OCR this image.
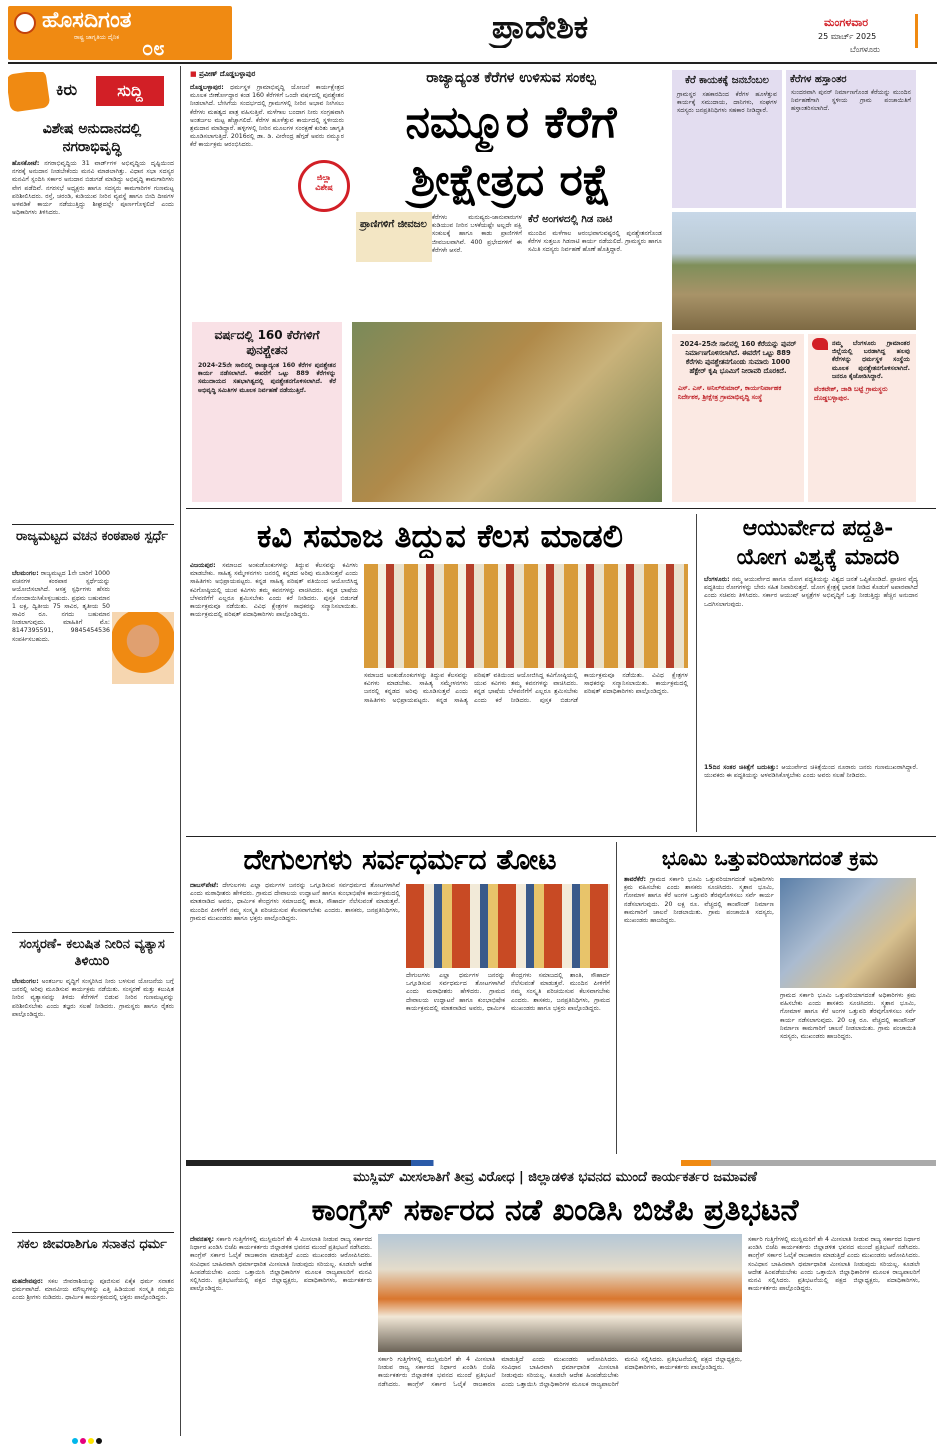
ಹೊಸದಿಗಂತ
ರಾಷ್ಟ್ರ ಜಾಗೃತಿಯ ದೈನಿಕ	೦೮
ಪ್ರಾದೇಶಿಕ	ಮಂಗಳವಾರ
25 ಮಾರ್ಚ್ 2025
ಬೆಂಗಳೂರು
ಕಿರು	ಸುದ್ದಿ
ವಿಶೇಷ ಅನುದಾನದಲ್ಲಿ ನಗರಾಭಿವೃದ್ಧಿ
ಹೊಸಕೋಟೆ: ನಗರಾಭಿವೃದ್ಧಿಯ 31 ವಾರ್ಡ್‌ಗಳ ಅಭಿವೃದ್ಧಿಯ ದೃಷ್ಟಿಯಿಂದ ನಗರಕ್ಕೆ ಅನುದಾನ ನೀಡಬೇಕೆಂದು ಮನವಿ ಮಾಡಲಾಗಿತ್ತು. ವಿಧಾನ ಸಭಾ ಸದಸ್ಯರ ಮನವಿಗೆ ಸ್ಪಂದಿಸಿ ಸರ್ಕಾರ ಅನುದಾನ ಬಿಡುಗಡೆ ಮಾಡಿದ್ದು ಅಭಿವೃದ್ಧಿ ಕಾಮಗಾರಿಗಳು ವೇಗ ಪಡೆದಿವೆ. ನಗರಸಭೆ ಅಧ್ಯಕ್ಷರು ಹಾಗೂ ಸದಸ್ಯರು ಕಾಮಗಾರಿಗಳ ಗುಣಮಟ್ಟ ಪರಿಶೀಲಿಸಿದರು. ರಸ್ತೆ, ಚರಂಡಿ, ಕುಡಿಯುವ ನೀರಿನ ವ್ಯವಸ್ಥೆ ಹಾಗೂ ಬೀದಿ ದೀಪಗಳ ಅಳವಡಿಕೆ ಕಾರ್ಯ ನಡೆಯುತ್ತಿದ್ದು ಶೀಘ್ರದಲ್ಲೇ ಪೂರ್ಣಗೊಳ್ಳಲಿದೆ ಎಂದು ಅಧಿಕಾರಿಗಳು ತಿಳಿಸಿದರು.
ರಾಜ್ಯಮಟ್ಟದ ವಚನ ಕಂಠಪಾಠ ಸ್ಪರ್ಧೆ
ಬೆಲಮಂಗಲ: ರಾಜ್ಯಮಟ್ಟದ 1ನೇ ಬಾರಿಗೆ 1000 ವಚನಗಳ ಕಂಠಪಾಠ ಸ್ಪರ್ಧೆಯನ್ನು ಆಯೋಜಿಸಲಾಗಿದೆ. ಆಸಕ್ತ ಸ್ಪರ್ಧಿಗಳು ಹೆಸರು ನೋಂದಾಯಿಸಿಕೊಳ್ಳಬಹುದು. ಪ್ರಥಮ ಬಹುಮಾನ 1 ಲಕ್ಷ, ದ್ವಿತೀಯ 75 ಸಾವಿರ, ತೃತೀಯ 50 ಸಾವಿರ ರೂ. ನಗದು ಬಹುಮಾನ ನೀಡಲಾಗುವುದು. ಮಾಹಿತಿಗೆ ಮೊ: 8147395591, 9845454536 ಸಂಪರ್ಕಿಸಬಹುದು.
ಸಂಸ್ಕರಣೆ- ಕಲುಷಿತ ನೀರಿನ ವ್ಯತ್ಯಾಸ ತಿಳಿಯಿರಿ
ಬೆಲಮಂಗಲ: ಅಂತರ್ಜಲ ವೃದ್ಧಿಗೆ ಸಂಸ್ಕರಿಸಿದ ನೀರು ಬಳಸುವ ಯೋಜನೆಯ ಬಗ್ಗೆ ಜನರಲ್ಲಿ ಅರಿವು ಮೂಡಿಸುವ ಕಾರ್ಯಕ್ರಮ ನಡೆಯಿತು. ಸಂಸ್ಕರಣೆ ಮತ್ತು ಕಲುಷಿತ ನೀರಿನ ವ್ಯತ್ಯಾಸವನ್ನು ತಿಳಿದು ಕೆರೆಗಳಿಗೆ ಬಿಡುವ ನೀರಿನ ಗುಣಮಟ್ಟವನ್ನು ಪರಿಶೀಲಿಸಬೇಕು ಎಂದು ತಜ್ಞರು ಸಲಹೆ ನೀಡಿದರು. ಗ್ರಾಮಸ್ಥರು ಹಾಗೂ ರೈತರು ಪಾಲ್ಗೊಂಡಿದ್ದರು.
ಸಕಲ ಜೀವರಾಶಿಗೂ ಸನಾತನ ಧರ್ಮ
ಮಹದೇವಪುರ: ಸಕಲ ಜೀವರಾಶಿಯನ್ನು ಪೂಜಿಸುವ ಏಕೈಕ ಧರ್ಮ ಸನಾತನ ಧರ್ಮವಾಗಿದೆ. ಮಾನವೀಯ ಮೌಲ್ಯಗಳನ್ನು ಎತ್ತಿ ಹಿಡಿಯುವ ಸಂಸ್ಕೃತಿ ನಮ್ಮದು ಎಂದು ಶ್ರೀಗಳು ನುಡಿದರು. ಧಾರ್ಮಿಕ ಕಾರ್ಯಕ್ರಮದಲ್ಲಿ ಭಕ್ತರು ಪಾಲ್ಗೊಂಡಿದ್ದರು.
■ ಪ್ರವೀಣ್ ದೊಡ್ಡಬಳ್ಳಾಪುರ
ದೊಡ್ಡಬಳ್ಳಾಪುರ: ಧರ್ಮಸ್ಥಳ ಗ್ರಾಮಾಭಿವೃದ್ಧಿ ಯೋಜನೆ ಕಾರ್ಯಕ್ಷೇತ್ರದ ಮೂಲಕ ಜೀರ್ಣೋದ್ಧಾರ ಕಂಡ 160 ಕೆರೆಗಳಿಗೆ ಒಂದೇ ವರ್ಷದಲ್ಲಿ ಪುನಶ್ಚೇತನ ನೀಡಲಾಗಿದೆ. ಬೇಸಿಗೆಯ ಸಂದರ್ಭದಲ್ಲಿ ಗ್ರಾಮಗಳಲ್ಲಿ ನೀರಿನ ಅಭಾವ ನೀಗಿಸಲು ಕೆರೆಗಳು ಮಹತ್ವದ ಪಾತ್ರ ವಹಿಸುತ್ತಿವೆ. ಮಳೆಗಾಲ ಬಂದಾಗ ನೀರು ಸಂಗ್ರಹವಾಗಿ ಅಂತರ್ಜಲ ಮಟ್ಟ ಹೆಚ್ಚಾಗಲಿದೆ. ಕೆರೆಗಳ ಹೂಳೆತ್ತುವ ಕಾರ್ಯದಲ್ಲಿ ಸ್ಥಳೀಯರು ಶ್ರಮದಾನ ಮಾಡಿದ್ದಾರೆ. ಹಳ್ಳಿಗಳಲ್ಲಿ ನೀರಿನ ಮೂಲಗಳ ಸಂರಕ್ಷಣೆ ಕುರಿತು ಜಾಗೃತಿ ಮೂಡಿಸಲಾಗುತ್ತಿದೆ. 2016ರಲ್ಲಿ ಡಾ. ಡಿ. ವೀರೇಂದ್ರ ಹೆಗ್ಗಡೆ ಅವರು ನಮ್ಮೂರ ಕೆರೆ ಕಾರ್ಯಕ್ರಮ ಆರಂಭಿಸಿದರು.
ಜಿಲ್ಲಾ
ವಿಶೇಷ
ರಾಜ್ಯಾದ್ಯಂತ ಕೆರೆಗಳ ಉಳಿಸುವ ಸಂಕಲ್ಪ
ನಮ್ಮೂರ ಕೆರೆಗೆ
ಶ್ರೀಕ್ಷೇತ್ರದ ರಕ್ಷೆ
ಪ್ರಾಣಿಗಳಿಗೆ ಜೀವಜಲ
ಕೆರೆಗಳು ಮನುಷ್ಯರು-ಜಾನುವಾರುಗಳ ಕುಡಿಯುವ ನೀರಿನ ಬಳಕೆಯಷ್ಟೇ ಅಲ್ಲದೇ ಪಕ್ಷಿ ಸಂಕುಲಕ್ಕೆ ಹಾಗೂ ಕಾಡು ಪ್ರಾಣಿಗಳಿಗೆ ಜೀವಜಲವಾಗಿವೆ. 400 ಪ್ರಭೇದಗಳಿಗೆ ಈ ಕೆರೆಗಳೇ ಆಸರೆ.
ಕೆರೆ ಅಂಗಳದಲ್ಲಿ ಗಿಡ ನಾಟಿ
ಮುಂದಿನ ಮಳೆಗಾಲ ಆರಂಭವಾಗುವಷ್ಟರಲ್ಲಿ ಪುನಶ್ಚೇತನಗೊಂಡ ಕೆರೆಗಳ ಸುತ್ತಲೂ ಗಿಡನಾಟಿ ಕಾರ್ಯ ನಡೆಯಲಿದೆ. ಗ್ರಾಮಸ್ಥರು ಹಾಗೂ ಸಮಿತಿ ಸದಸ್ಯರು ನಿರ್ವಹಣೆ ಹೊಣೆ ಹೊತ್ತಿದ್ದಾರೆ.
ವರ್ಷದಲ್ಲಿ 160 ಕೆರೆಗಳಿಗೆ ಪುನಶ್ಚೇತನ
2024-25ನೇ ಸಾಲಿನಲ್ಲಿ ರಾಜ್ಯಾದ್ಯಂತ 160 ಕೆರೆಗಳ ಪುನಶ್ಚೇತನ ಕಾರ್ಯ ನಡೆಸಲಾಗಿದೆ. ಈವರೆಗೆ ಒಟ್ಟು 889 ಕೆರೆಗಳನ್ನು ಸಮುದಾಯದ ಸಹಭಾಗಿತ್ವದಲ್ಲಿ ಪುನಶ್ಚೇತನಗೊಳಿಸಲಾಗಿದೆ. ಕೆರೆ ಅಭಿವೃದ್ಧಿ ಸಮಿತಿಗಳ ಮೂಲಕ ನಿರ್ವಹಣೆ ನಡೆಯುತ್ತಿದೆ.
ಕೆರೆ ಕಾಯಕಕ್ಕೆ ಜನಬೆಂಬಲ
ಗ್ರಾಮಸ್ಥರ ಸಹಕಾರದಿಂದ ಕೆರೆಗಳ ಹೂಳೆತ್ತುವ ಕಾರ್ಯಕ್ಕೆ ಸಮುದಾಯ, ದಾನಿಗಳು, ಸಂಘಗಳ ಸದಸ್ಯರು ಜನಪ್ರತಿನಿಧಿಗಳು ಸಹಕಾರ ನೀಡಿದ್ದಾರೆ.
ಕೆರೆಗಳ ಹಸ್ತಾಂತರ
ಸುಂದರವಾಗಿ ಪುನರ್ ನಿರ್ಮಾಣಗೊಂಡ ಕೆರೆಯನ್ನು ಮುಂದಿನ ನಿರ್ವಹಣೆಗಾಗಿ ಸ್ಥಳೀಯ ಗ್ರಾಮ ಪಂಚಾಯಿತಿಗೆ ಹಸ್ತಾಂತರಿಸಲಾಗಿದೆ.
2024-25ನೇ ಸಾಲಿನಲ್ಲಿ 160 ಕೆರೆಯನ್ನು ಪುನರ್ ನಿರ್ಮಾಣಗೊಳಿಸಲಾಗಿದೆ. ಈವರೆಗೆ ಒಟ್ಟು 889 ಕೆರೆಗಳು ಪುನಶ್ಚೇತನಗೊಂಡು ಸುಮಾರು 1000 ಹೆಕ್ಟೇರ್ ಕೃಷಿ ಭೂಮಿಗೆ ನೀರಾವರಿ ದೊರಕಿದೆ.
ಎಸ್. ಎಸ್. ಅನಿಲ್‌ಕುಮಾರ್, ಕಾರ್ಯನಿರ್ವಾಹಕ ನಿರ್ದೇಶಕ, ಶ್ರೀಕ್ಷೇತ್ರ ಗ್ರಾಮಾಭಿವೃದ್ಧಿ ಸಂಸ್ಥೆ
ನಮ್ಮ ಬೆಂಗಳೂರು ಗ್ರಾಮಾಂತರ ಜಿಲ್ಲೆಯಲ್ಲಿ ಬರಡಾಗಿದ್ದ ಹಲವು ಕೆರೆಗಳನ್ನು ಧರ್ಮಸ್ಥಳ ಸಂಸ್ಥೆಯ ಮೂಲಕ ಪುನಶ್ಚೇತನಗೊಳಿಸಲಾಗಿದೆ. ಜನರೂ ಕೈಜೋಡಿಸಿದ್ದಾರೆ.
ವೆಂಕಟೇಶ್, ಜಾಡಿ ಬಟ್ಟೆ ಗ್ರಾಮಸ್ಥರು ದೊಡ್ಡಬಳ್ಳಾಪುರ.
ಕವಿ ಸಮಾಜ ತಿದ್ದುವ ಕೆಲಸ ಮಾಡಲಿ
ವಿಜಯಪುರ: ಸಮಾಜದ ಅಂಕುಡೊಂಕುಗಳನ್ನು ತಿದ್ದುವ ಕೆಲಸವನ್ನು ಕವಿಗಳು ಮಾಡಬೇಕು. ಸಾಹಿತ್ಯ ಸಮ್ಮೇಳನಗಳು ಜನರಲ್ಲಿ ಕನ್ನಡದ ಅರಿವು ಮೂಡಿಸುತ್ತವೆ ಎಂದು ಸಾಹಿತಿಗಳು ಅಭಿಪ್ರಾಯಪಟ್ಟರು. ಕನ್ನಡ ಸಾಹಿತ್ಯ ಪರಿಷತ್ ವತಿಯಿಂದ ಆಯೋಜಿಸಿದ್ದ ಕವಿಗೋಷ್ಠಿಯಲ್ಲಿ ಯುವ ಕವಿಗಳು ತಮ್ಮ ಕವನಗಳನ್ನು ವಾಚಿಸಿದರು. ಕನ್ನಡ ಭಾಷೆಯ ಬೆಳವಣಿಗೆಗೆ ಎಲ್ಲರೂ ಶ್ರಮಿಸಬೇಕು ಎಂದು ಕರೆ ನೀಡಿದರು. ಪುಸ್ತಕ ಬಿಡುಗಡೆ ಕಾರ್ಯಕ್ರಮವೂ ನಡೆಯಿತು. ವಿವಿಧ ಕ್ಷೇತ್ರಗಳ ಸಾಧಕರನ್ನು ಸನ್ಮಾನಿಸಲಾಯಿತು. ಕಾರ್ಯಕ್ರಮದಲ್ಲಿ ಪರಿಷತ್ ಪದಾಧಿಕಾರಿಗಳು ಪಾಲ್ಗೊಂಡಿದ್ದರು.
ಸಮಾಜದ ಅಂಕುಡೊಂಕುಗಳನ್ನು ತಿದ್ದುವ ಕೆಲಸವನ್ನು ಕವಿಗಳು ಮಾಡಬೇಕು. ಸಾಹಿತ್ಯ ಸಮ್ಮೇಳನಗಳು ಜನರಲ್ಲಿ ಕನ್ನಡದ ಅರಿವು ಮೂಡಿಸುತ್ತವೆ ಎಂದು ಸಾಹಿತಿಗಳು ಅಭಿಪ್ರಾಯಪಟ್ಟರು. ಕನ್ನಡ ಸಾಹಿತ್ಯ ಪರಿಷತ್ ವತಿಯಿಂದ ಆಯೋಜಿಸಿದ್ದ ಕವಿಗೋಷ್ಠಿಯಲ್ಲಿ ಯುವ ಕವಿಗಳು ತಮ್ಮ ಕವನಗಳನ್ನು ವಾಚಿಸಿದರು. ಕನ್ನಡ ಭಾಷೆಯ ಬೆಳವಣಿಗೆಗೆ ಎಲ್ಲರೂ ಶ್ರಮಿಸಬೇಕು ಎಂದು ಕರೆ ನೀಡಿದರು. ಪುಸ್ತಕ ಬಿಡುಗಡೆ ಕಾರ್ಯಕ್ರಮವೂ ನಡೆಯಿತು. ವಿವಿಧ ಕ್ಷೇತ್ರಗಳ ಸಾಧಕರನ್ನು ಸನ್ಮಾನಿಸಲಾಯಿತು. ಕಾರ್ಯಕ್ರಮದಲ್ಲಿ ಪರಿಷತ್ ಪದಾಧಿಕಾರಿಗಳು ಪಾಲ್ಗೊಂಡಿದ್ದರು.
ಆಯುರ್ವೇದ ಪದ್ಧತಿ-
ಯೋಗ ವಿಶ್ವಕ್ಕೆ ಮಾದರಿ
ಬೆಂಗಳೂರು: ನಮ್ಮ ಆಯುರ್ವೇದ ಹಾಗೂ ಯೋಗ ಪದ್ಧತಿಯನ್ನು ವಿಶ್ವದ ಜನತೆ ಒಪ್ಪಿಕೊಂಡಿದೆ. ಪ್ರಾಚೀನ ವೈದ್ಯ ಪದ್ಧತಿಯು ರೋಗಗಳನ್ನು ಬೇರು ಸಹಿತ ನಿವಾರಿಸುತ್ತದೆ. ಯೋಗ ಕ್ಷೇತ್ರಕ್ಕೆ ಭಾರತ ನೀಡಿದ ಕೊಡುಗೆ ಅಪಾರವಾಗಿದೆ ಎಂದು ಸಚಿವರು ತಿಳಿಸಿದರು. ಸರ್ಕಾರ ಆಯುಷ್ ಆಸ್ಪತ್ರೆಗಳ ಅಭಿವೃದ್ಧಿಗೆ ಒತ್ತು ನೀಡುತ್ತಿದ್ದು ಹೆಚ್ಚಿನ ಅನುದಾನ ಒದಗಿಸಲಾಗುವುದು.
15ದಿನ ಸಂತರ ಚಿಕಿತ್ಸೆಗೆ ಬದುಕಿತ್ತು: ಆಯುರ್ವೇದ ಚಿಕಿತ್ಸೆಯಿಂದ ನೂರಾರು ಜನರು ಗುಣಮುಖರಾಗಿದ್ದಾರೆ. ಯುವಕರು ಈ ಪದ್ಧತಿಯನ್ನು ಅಳವಡಿಸಿಕೊಳ್ಳಬೇಕು ಎಂದು ಅವರು ಸಲಹೆ ನೀಡಿದರು.
ದೇಗುಲಗಳು ಸರ್ವಧರ್ಮದ ತೋಟ
ದಾಬಸ್‌ಪೇಟೆ: ದೇಗುಲಗಳು ಎಲ್ಲಾ ಧರ್ಮಗಳ ಜನರನ್ನು ಒಗ್ಗೂಡಿಸುವ ಸರ್ವಧರ್ಮದ ತೋಟಗಳಾಗಿವೆ ಎಂದು ಮಠಾಧೀಶರು ಹೇಳಿದರು. ಗ್ರಾಮದ ದೇವಾಲಯ ಉದ್ಘಾಟನೆ ಹಾಗೂ ಕುಂಭಾಭಿಷೇಕ ಕಾರ್ಯಕ್ರಮದಲ್ಲಿ ಮಾತನಾಡಿದ ಅವರು, ಧಾರ್ಮಿಕ ಕೇಂದ್ರಗಳು ಸಮಾಜದಲ್ಲಿ ಶಾಂತಿ, ಸೌಹಾರ್ದ ನೆಲೆಸುವಂತೆ ಮಾಡುತ್ತವೆ. ಮುಂದಿನ ಪೀಳಿಗೆಗೆ ನಮ್ಮ ಸಂಸ್ಕೃತಿ ಪರಿಚಯಿಸುವ ಕೆಲಸವಾಗಬೇಕು ಎಂದರು. ಶಾಸಕರು, ಜನಪ್ರತಿನಿಧಿಗಳು, ಗ್ರಾಮದ ಮುಖಂಡರು ಹಾಗೂ ಭಕ್ತರು ಪಾಲ್ಗೊಂಡಿದ್ದರು.
ದೇಗುಲಗಳು ಎಲ್ಲಾ ಧರ್ಮಗಳ ಜನರನ್ನು ಒಗ್ಗೂಡಿಸುವ ಸರ್ವಧರ್ಮದ ತೋಟಗಳಾಗಿವೆ ಎಂದು ಮಠಾಧೀಶರು ಹೇಳಿದರು. ಗ್ರಾಮದ ದೇವಾಲಯ ಉದ್ಘಾಟನೆ ಹಾಗೂ ಕುಂಭಾಭಿಷೇಕ ಕಾರ್ಯಕ್ರಮದಲ್ಲಿ ಮಾತನಾಡಿದ ಅವರು, ಧಾರ್ಮಿಕ ಕೇಂದ್ರಗಳು ಸಮಾಜದಲ್ಲಿ ಶಾಂತಿ, ಸೌಹಾರ್ದ ನೆಲೆಸುವಂತೆ ಮಾಡುತ್ತವೆ. ಮುಂದಿನ ಪೀಳಿಗೆಗೆ ನಮ್ಮ ಸಂಸ್ಕೃತಿ ಪರಿಚಯಿಸುವ ಕೆಲಸವಾಗಬೇಕು ಎಂದರು. ಶಾಸಕರು, ಜನಪ್ರತಿನಿಧಿಗಳು, ಗ್ರಾಮದ ಮುಖಂಡರು ಹಾಗೂ ಭಕ್ತರು ಪಾಲ್ಗೊಂಡಿದ್ದರು.
ಭೂಮಿ ಒತ್ತುವರಿಯಾಗದಂತೆ ಕ್ರಮ
ತಾವರೆಕೆರೆ: ಗ್ರಾಮದ ಸರ್ಕಾರಿ ಭೂಮಿ ಒತ್ತುವರಿಯಾಗದಂತೆ ಅಧಿಕಾರಿಗಳು ಕ್ರಮ ವಹಿಸಬೇಕು ಎಂದು ಶಾಸಕರು ಸೂಚಿಸಿದರು. ಸ್ಮಶಾನ ಭೂಮಿ, ಗೋಮಾಳ ಹಾಗೂ ಕೆರೆ ಅಂಗಳ ಒತ್ತುವರಿ ತೆರವುಗೊಳಿಸಲು ಸರ್ವೆ ಕಾರ್ಯ ನಡೆಸಲಾಗುವುದು. 20 ಲಕ್ಷ ರೂ. ವೆಚ್ಚದಲ್ಲಿ ಕಾಂಪೌಂಡ್ ನಿರ್ಮಾಣ ಕಾಮಗಾರಿಗೆ ಚಾಲನೆ ನೀಡಲಾಯಿತು. ಗ್ರಾಮ ಪಂಚಾಯಿತಿ ಸದಸ್ಯರು, ಮುಖಂಡರು ಹಾಜರಿದ್ದರು.
ಗ್ರಾಮದ ಸರ್ಕಾರಿ ಭೂಮಿ ಒತ್ತುವರಿಯಾಗದಂತೆ ಅಧಿಕಾರಿಗಳು ಕ್ರಮ ವಹಿಸಬೇಕು ಎಂದು ಶಾಸಕರು ಸೂಚಿಸಿದರು. ಸ್ಮಶಾನ ಭೂಮಿ, ಗೋಮಾಳ ಹಾಗೂ ಕೆರೆ ಅಂಗಳ ಒತ್ತುವರಿ ತೆರವುಗೊಳಿಸಲು ಸರ್ವೆ ಕಾರ್ಯ ನಡೆಸಲಾಗುವುದು. 20 ಲಕ್ಷ ರೂ. ವೆಚ್ಚದಲ್ಲಿ ಕಾಂಪೌಂಡ್ ನಿರ್ಮಾಣ ಕಾಮಗಾರಿಗೆ ಚಾಲನೆ ನೀಡಲಾಯಿತು. ಗ್ರಾಮ ಪಂಚಾಯಿತಿ ಸದಸ್ಯರು, ಮುಖಂಡರು ಹಾಜರಿದ್ದರು.
ಮುಸ್ಲಿಮ್ ಮೀಸಲಾತಿಗೆ ತೀವ್ರ ವಿರೋಧ | ಜಿಲ್ಲಾಡಳಿತ ಭವನದ ಮುಂದೆ ಕಾರ್ಯಕರ್ತರ ಜಮಾವಣೆ
ಕಾಂಗ್ರೆಸ್ ಸರ್ಕಾರದ ನಡೆ ಖಂಡಿಸಿ ಬಿಜೆಪಿ ಪ್ರತಿಭಟನೆ
ದೇವನಹಳ್ಳಿ: ಸರ್ಕಾರಿ ಗುತ್ತಿಗೆಗಳಲ್ಲಿ ಮುಸ್ಲಿಮರಿಗೆ ಶೇ 4 ಮೀಸಲಾತಿ ನೀಡುವ ರಾಜ್ಯ ಸರ್ಕಾರದ ನಿರ್ಧಾರ ಖಂಡಿಸಿ ಬಿಜೆಪಿ ಕಾರ್ಯಕರ್ತರು ಜಿಲ್ಲಾಡಳಿತ ಭವನದ ಮುಂದೆ ಪ್ರತಿಭಟನೆ ನಡೆಸಿದರು. ಕಾಂಗ್ರೆಸ್ ಸರ್ಕಾರ ಓಲೈಕೆ ರಾಜಕಾರಣ ಮಾಡುತ್ತಿದೆ ಎಂದು ಮುಖಂಡರು ಆರೋಪಿಸಿದರು. ಸಂವಿಧಾನ ಬಾಹಿರವಾಗಿ ಧರ್ಮಾಧಾರಿತ ಮೀಸಲಾತಿ ನೀಡುವುದು ಸರಿಯಲ್ಲ. ಕೂಡಲೇ ಆದೇಶ ಹಿಂಪಡೆಯಬೇಕು ಎಂದು ಒತ್ತಾಯಿಸಿ ಜಿಲ್ಲಾಧಿಕಾರಿಗಳ ಮೂಲಕ ರಾಜ್ಯಪಾಲರಿಗೆ ಮನವಿ ಸಲ್ಲಿಸಿದರು. ಪ್ರತಿಭಟನೆಯಲ್ಲಿ ಪಕ್ಷದ ಜಿಲ್ಲಾಧ್ಯಕ್ಷರು, ಪದಾಧಿಕಾರಿಗಳು, ಕಾರ್ಯಕರ್ತರು ಪಾಲ್ಗೊಂಡಿದ್ದರು.
ಸರ್ಕಾರಿ ಗುತ್ತಿಗೆಗಳಲ್ಲಿ ಮುಸ್ಲಿಮರಿಗೆ ಶೇ 4 ಮೀಸಲಾತಿ ನೀಡುವ ರಾಜ್ಯ ಸರ್ಕಾರದ ನಿರ್ಧಾರ ಖಂಡಿಸಿ ಬಿಜೆಪಿ ಕಾರ್ಯಕರ್ತರು ಜಿಲ್ಲಾಡಳಿತ ಭವನದ ಮುಂದೆ ಪ್ರತಿಭಟನೆ ನಡೆಸಿದರು. ಕಾಂಗ್ರೆಸ್ ಸರ್ಕಾರ ಓಲೈಕೆ ರಾಜಕಾರಣ ಮಾಡುತ್ತಿದೆ ಎಂದು ಮುಖಂಡರು ಆರೋಪಿಸಿದರು. ಸಂವಿಧಾನ ಬಾಹಿರವಾಗಿ ಧರ್ಮಾಧಾರಿತ ಮೀಸಲಾತಿ ನೀಡುವುದು ಸರಿಯಲ್ಲ. ಕೂಡಲೇ ಆದೇಶ ಹಿಂಪಡೆಯಬೇಕು ಎಂದು ಒತ್ತಾಯಿಸಿ ಜಿಲ್ಲಾಧಿಕಾರಿಗಳ ಮೂಲಕ ರಾಜ್ಯಪಾಲರಿಗೆ ಮನವಿ ಸಲ್ಲಿಸಿದರು. ಪ್ರತಿಭಟನೆಯಲ್ಲಿ ಪಕ್ಷದ ಜಿಲ್ಲಾಧ್ಯಕ್ಷರು, ಪದಾಧಿಕಾರಿಗಳು, ಕಾರ್ಯಕರ್ತರು ಪಾಲ್ಗೊಂಡಿದ್ದರು.
ಸರ್ಕಾರಿ ಗುತ್ತಿಗೆಗಳಲ್ಲಿ ಮುಸ್ಲಿಮರಿಗೆ ಶೇ 4 ಮೀಸಲಾತಿ ನೀಡುವ ರಾಜ್ಯ ಸರ್ಕಾರದ ನಿರ್ಧಾರ ಖಂಡಿಸಿ ಬಿಜೆಪಿ ಕಾರ್ಯಕರ್ತರು ಜಿಲ್ಲಾಡಳಿತ ಭವನದ ಮುಂದೆ ಪ್ರತಿಭಟನೆ ನಡೆಸಿದರು. ಕಾಂಗ್ರೆಸ್ ಸರ್ಕಾರ ಓಲೈಕೆ ರಾಜಕಾರಣ ಮಾಡುತ್ತಿದೆ ಎಂದು ಮುಖಂಡರು ಆರೋಪಿಸಿದರು. ಸಂವಿಧಾನ ಬಾಹಿರವಾಗಿ ಧರ್ಮಾಧಾರಿತ ಮೀಸಲಾತಿ ನೀಡುವುದು ಸರಿಯಲ್ಲ. ಕೂಡಲೇ ಆದೇಶ ಹಿಂಪಡೆಯಬೇಕು ಎಂದು ಒತ್ತಾಯಿಸಿ ಜಿಲ್ಲಾಧಿಕಾರಿಗಳ ಮೂಲಕ ರಾಜ್ಯಪಾಲರಿಗೆ ಮನವಿ ಸಲ್ಲಿಸಿದರು. ಪ್ರತಿಭಟನೆಯಲ್ಲಿ ಪಕ್ಷದ ಜಿಲ್ಲಾಧ್ಯಕ್ಷರು, ಪದಾಧಿಕಾರಿಗಳು, ಕಾರ್ಯಕರ್ತರು ಪಾಲ್ಗೊಂಡಿದ್ದರು.
